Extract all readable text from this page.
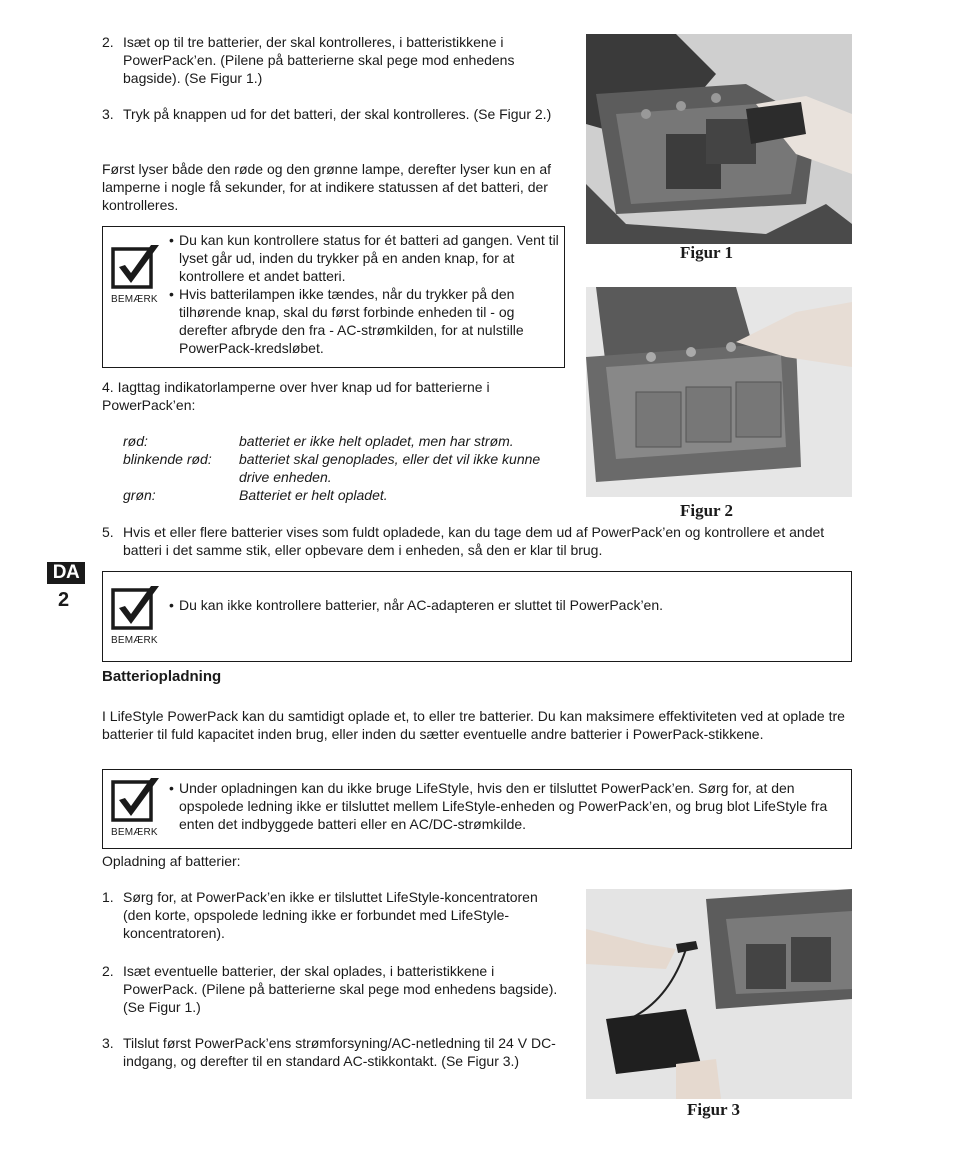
2. Isæt op til tre batterier, der skal kontrolleres, i batteristikkene i PowerPack’en. (Pilene på batterierne skal pege mod enhedens bagside). (Se Figur 1.)

3. Tryk på knappen ud for det batteri, der skal kontrolleres. (Se Figur 2.)

Først lyser både den røde og den grønne lampe, derefter lyser kun en af lamperne i nogle få sekunder, for at indikere statussen af det batteri, der kontrolleres.

BEMÆRK
• Du kan kun kontrollere status for ét batteri ad gangen. Vent til lyset går ud, inden du trykker på en anden knap, for at kontrollere et andet batteri.
• Hvis batterilampen ikke tændes, når du trykker på den tilhørende knap, skal du først forbinde enheden til - og derefter afbryde den fra - AC-strømkilden, for at nulstille PowerPack-kredsløbet.

4. Iagttag indikatorlamperne over hver knap ud for batterierne i PowerPack’en:

rød:	batteriet er ikke helt opladet, men har strøm.
blinkende rød: batteriet skal genoplades, eller det vil ikke kunne drive enheden.
grøn:	Batteriet er helt opladet.
Figur 1
Figur 2
5. Hvis et eller flere batterier vises som fuldt opladede, kan du tage dem ud af PowerPack’en og kontrollere et andet batteri i det samme stik, eller opbevare dem i enheden, så den er klar til brug.

DA
2
BEMÆRK
• Du kan ikke kontrollere batterier, når AC-adapteren er sluttet til PowerPack’en.
Batteriopladning

I LifeStyle PowerPack kan du samtidigt oplade et, to eller tre batterier. Du kan maksimere effektiviteten ved at oplade tre batterier til fuld kapacitet inden brug, eller inden du sætter eventuelle andre batterier i PowerPack-stikkene.

BEMÆRK
• Under opladningen kan du ikke bruge LifeStyle, hvis den er tilsluttet PowerPack’en. Sørg for, at den opspolede ledning ikke er tilsluttet mellem LifeStyle-enheden og PowerPack’en, og brug blot LifeStyle fra enten det indbyggede batteri eller en AC/DC-strømkilde.

Opladning af batterier:

1. Sørg for, at PowerPack’en ikke er tilsluttet LifeStyle-koncentratoren (den korte, opspolede ledning ikke er forbundet med LifeStyle-koncentratoren).

2. Isæt eventuelle batterier, der skal oplades, i batteristikkene i PowerPack. (Pilene på batterierne skal pege mod enhedens bagside). (Se Figur 1.)

3. Tilslut først PowerPack’ens strømforsyning/AC-netledning til 24 V DC-indgang, og derefter til en standard AC-stikkontakt. (Se Figur 3.)

Figur 3
